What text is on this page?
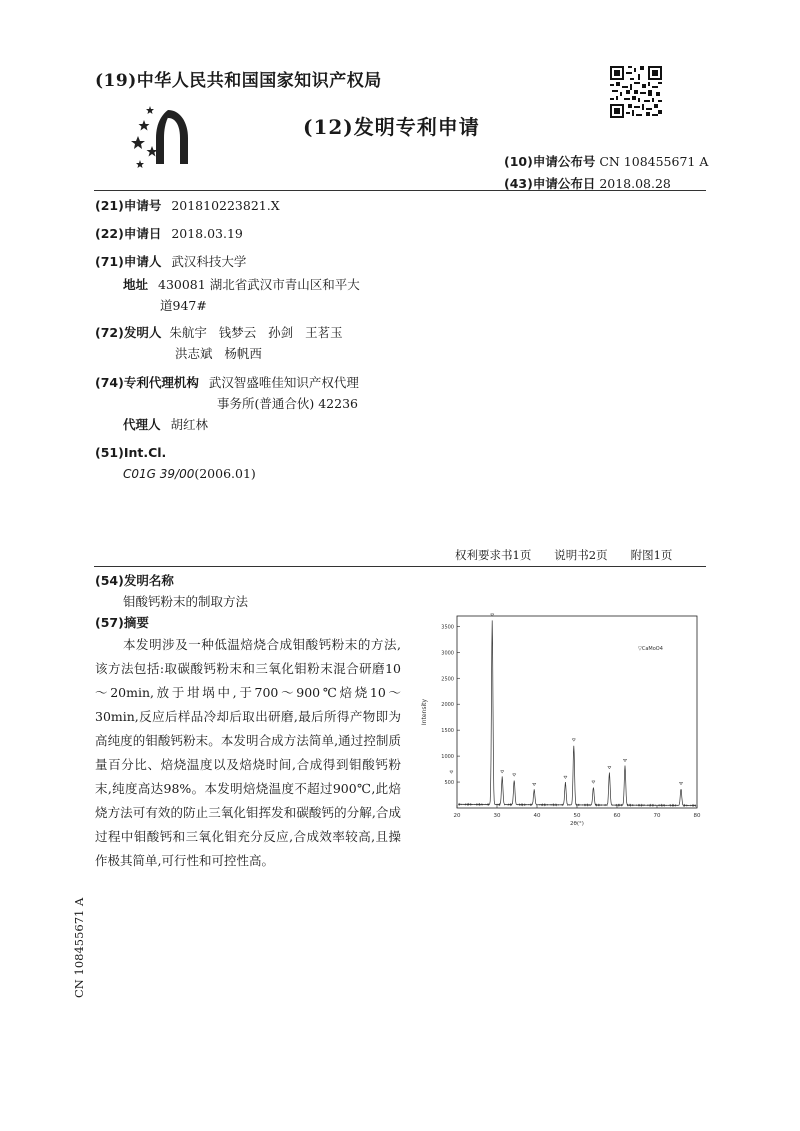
(19)中华人民共和国国家知识产权局
(12)发明专利申请
(10)申请公布号 CN 108455671 A
(43)申请公布日 2018.08.28
(21)申请号 201810223821.X
(22)申请日 2018.03.19
(71)申请人 武汉科技大学
地址 430081 湖北省武汉市青山区和平大
道947#
(72)发明人 朱航宇   钱梦云   孙剑   王茗玉
洪志斌   杨帆西
(74)专利代理机构 武汉智盛唯佳知识产权代理
事务所(普通合伙) 42236
代理人 胡红林
(51)Int.Cl.
C01G 39/00(2006.01)
权利要求书1页   说明书2页   附图1页
(54)发明名称
钼酸钙粉末的制取方法
(57)摘要
本发明涉及一种低温焙烧合成钼酸钙粉末的方法,该方法包括:取碳酸钙粉末和三氧化钼粉末混合研磨10～20min,放于坩埚中,于700～900℃焙烧10～30min,反应后样品冷却后取出研磨,最后所得产物即为高纯度的钼酸钙粉末。本发明合成方法简单,通过控制质量百分比、焙烧温度以及焙烧时间,合成得到钼酸钙粉末,纯度高达98%。本发明焙烧温度不超过900℃,此焙烧方法可有效的防止三氧化钼挥发和碳酸钙的分解,合成过程中钼酸钙和三氧化钼充分反应,合成效率较高,且操作极其简单,可行性和可控性高。
500
1000
1500
2000
2500
3000
3500
20	30	40	50	60	70	80
▽CaMoO4
2θ(°)
Intensity
CN 108455671 A
